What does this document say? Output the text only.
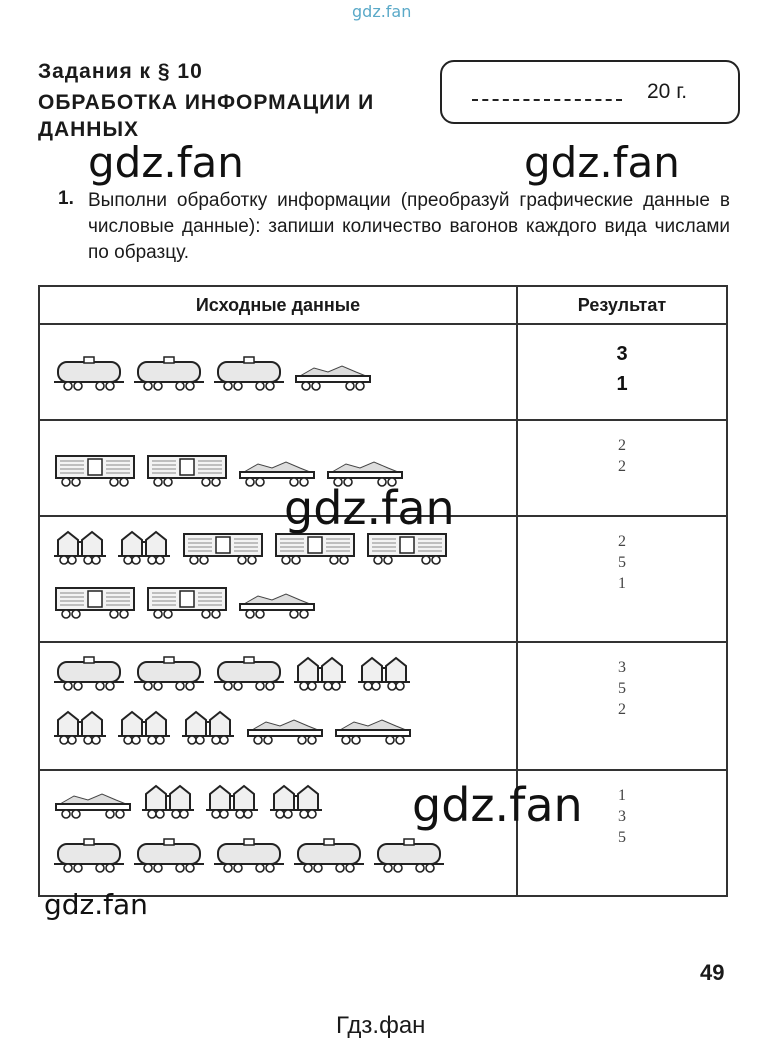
gdz.fan
Задания к § 10
ОБРАБОТКА ИНФОРМАЦИИ И ДАННЫХ
20 г.
1. Выполни обработку информации (преобразуй графические данные в числовые данные): запиши количество вагонов каждого вида числами по образцу.
Исходные данные	Результат

3
1

2
2

2
5
1

3
5
2

1
3
5
gdz.fan	gdz.fan
gdz.fan
gdz.fan
gdz.fan
49
Гдз.фан
